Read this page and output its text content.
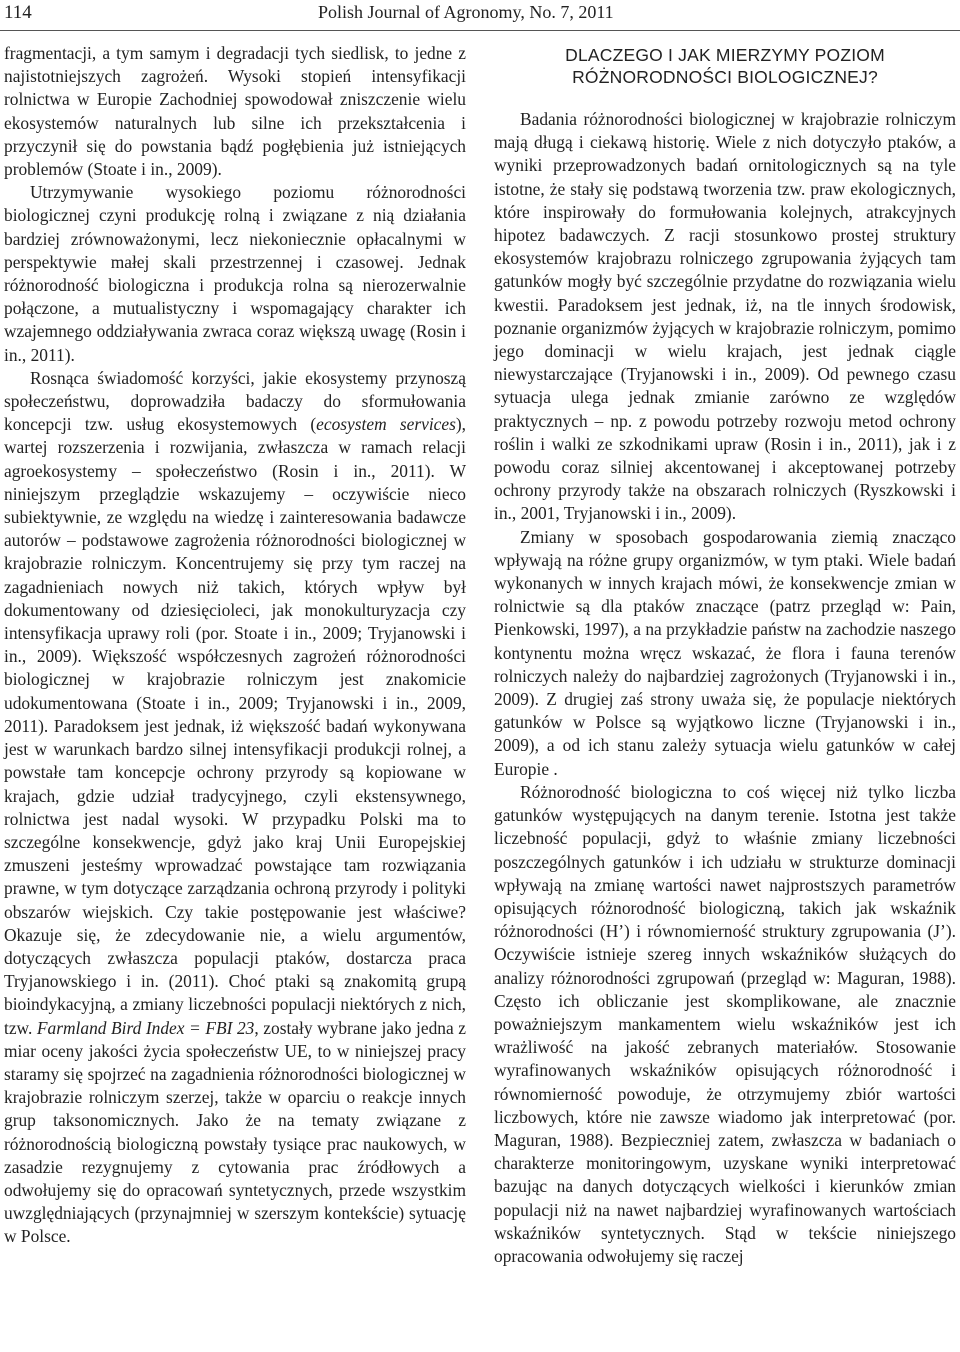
114	Polish Journal of Agronomy, No. 7, 2011

fragmentacji, a tym samym i degradacji tych siedlisk, to jedne z najistotniejszych zagrożeń. Wysoki stopień intensyfikacji rolnictwa w Europie Zachodniej spowodował zniszczenie wielu ekosystemów naturalnych lub silne ich przekształcenia i przyczynił się do powstania bądź pogłębienia już istniejących problemów (Stoate i in., 2009).

Utrzymywanie wysokiego poziomu różnorodności biologicznej czyni produkcję rolną i związane z nią działania bardziej zrównoważonymi, lecz niekoniecznie opłacalnymi w perspektywie małej skali przestrzennej i czasowej. Jednak różnorodność biologiczna i produkcja rolna są nierozerwalnie połączone, a mutualistyczny i wspomagający charakter ich wzajemnego oddziaływania zwraca coraz większą uwagę (Rosin i in., 2011).

Rosnąca świadomość korzyści, jakie ekosystemy przynoszą społeczeństwu, doprowadziła badaczy do sformułowania koncepcji tzw. usług ekosystemowych (ecosystem services), wartej rozszerzenia i rozwijania, zwłaszcza w ramach relacji agroekosystemy – społeczeństwo (Rosin i in., 2011). W niniejszym przeglądzie wskazujemy – oczywiście nieco subiektywnie, ze względu na wiedzę i zainteresowania badawcze autorów – podstawowe zagrożenia różnorodności biologicznej w krajobrazie rolniczym. Koncentrujemy się przy tym raczej na zagadnieniach nowych niż takich, których wpływ był dokumentowany od dziesięcioleci, jak monokulturyzacja czy intensyfikacja uprawy roli (por. Stoate i in., 2009; Tryjanowski i in., 2009). Większość współczesnych zagrożeń różnorodności biologicznej w krajobrazie rolniczym jest znakomicie udokumentowana (Stoate i in., 2009; Tryjanowski i in., 2009, 2011). Paradoksem jest jednak, iż większość badań wykonywana jest w warunkach bardzo silnej intensyfikacji produkcji rolnej, a powstałe tam koncepcje ochrony przyrody są kopiowane w krajach, gdzie udział tradycyjnego, czyli ekstensywnego, rolnictwa jest nadal wysoki. W przypadku Polski ma to szczególne konsekwencje, gdyż jako kraj Unii Europejskiej zmuszeni jesteśmy wprowadzać powstające tam rozwiązania prawne, w tym dotyczące zarządzania ochroną przyrody i polityki obszarów wiejskich. Czy takie postępowanie jest właściwe? Okazuje się, że zdecydowanie nie, a wielu argumentów, dotyczących zwłaszcza populacji ptaków, dostarcza praca Tryjanowskiego i in. (2011). Choć ptaki są znakomitą grupą bioindykacyjną, a zmiany liczebności populacji niektórych z nich, tzw. Farmland Bird Index = FBI 23, zostały wybrane jako jedna z miar oceny jakości życia społeczeństw UE, to w niniejszej pracy staramy się spojrzeć na zagadnienia różnorodności biologicznej w krajobrazie rolniczym szerzej, także w oparciu o reakcje innych grup taksonomicznych. Jako że na tematy związane z różnorodnością biologiczną powstały tysiące prac naukowych, w zasadzie rezygnujemy z cytowania prac źródłowych a odwołujemy się do opracowań syntetycznych, przede wszystkim uwzględniających (przynajmniej w szerszym kontekście) sytuację w Polsce.

DLACZEGO I JAK MIERZYMY POZIOM
RÓŻNORODNOŚCI BIOLOGICZNEJ?

Badania różnorodności biologicznej w krajobrazie rolniczym mają długą i ciekawą historię. Wiele z nich dotyczyło ptaków, a wyniki przeprowadzonych badań ornitologicznych są na tyle istotne, że stały się podstawą tworzenia tzw. praw ekologicznych, które inspirowały do formułowania kolejnych, atrakcyjnych hipotez badawczych. Z racji stosunkowo prostej struktury ekosystemów krajobrazu rolniczego zgrupowania żyjących tam gatunków mogły być szczególnie przydatne do rozwiązania wielu kwestii. Paradoksem jest jednak, iż, na tle innych środowisk, poznanie organizmów żyjących w krajobrazie rolniczym, pomimo jego dominacji w wielu krajach, jest jednak ciągle niewystarczające (Tryjanowski i in., 2009). Od pewnego czasu sytuacja ulega jednak zmianie zarówno ze względów praktycznych – np. z powodu potrzeby rozwoju metod ochrony roślin i walki ze szkodnikami upraw (Rosin i in., 2011), jak i z powodu coraz silniej akcentowanej i akceptowanej potrzeby ochrony przyrody także na obszarach rolniczych (Ryszkowski i in., 2001, Tryjanowski i in., 2009).

Zmiany w sposobach gospodarowania ziemią znacząco wpływają na różne grupy organizmów, w tym ptaki. Wiele badań wykonanych w innych krajach mówi, że konsekwencje zmian w rolnictwie są dla ptaków znaczące (patrz przegląd w: Pain, Pienkowski, 1997), a na przykładzie państw na zachodzie naszego kontynentu można wręcz wskazać, że flora i fauna terenów rolniczych należy do najbardziej zagrożonych (Tryjanowski i in., 2009). Z drugiej zaś strony uważa się, że populacje niektórych gatunków w Polsce są wyjątkowo liczne (Tryjanowski i in., 2009), a od ich stanu zależy sytuacja wielu gatunków w całej Europie .

Różnorodność biologiczna to coś więcej niż tylko liczba gatunków występujących na danym terenie. Istotna jest także liczebność populacji, gdyż to właśnie zmiany liczebności poszczególnych gatunków i ich udziału w strukturze dominacji wpływają na zmianę wartości nawet najprostszych parametrów opisujących różnorodność biologiczną, takich jak wskaźnik różnorodności (H’) i równomierność struktury zgrupowania (J’). Oczywiście istnieje szereg innych wskaźników służących do analizy różnorodności zgrupowań (przegląd w: Maguran, 1988). Często ich obliczanie jest skomplikowane, ale znacznie poważniejszym mankamentem wielu wskaźników jest ich wrażliwość na jakość zebranych materiałów. Stosowanie wyrafinowanych wskaźników opisujących różnorodność i równomierność powoduje, że otrzymujemy zbiór wartości liczbowych, które nie zawsze wiadomo jak interpretować (por. Maguran, 1988). Bezpieczniej zatem, zwłaszcza w badaniach o charakterze monitoringowym, uzyskane wyniki interpretować bazując na danych dotyczących wielkości i kierunków zmian populacji niż na nawet najbardziej wyrafinowanych wartościach wskaźników syntetycznych. Stąd w tekście niniejszego opracowania odwołujemy się raczej
